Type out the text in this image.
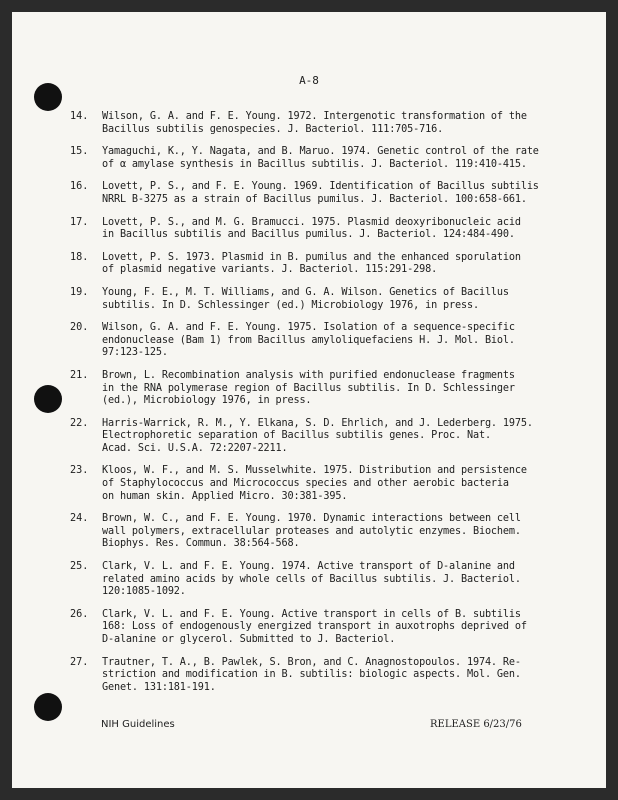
A-8
14.	Wilson, G. A. and F. E. Young. 1972. Intergenotic transformation of the
Bacillus subtilis genospecies. J. Bacteriol. 111:705-716.
15.	Yamaguchi, K., Y. Nagata, and B. Maruo. 1974. Genetic control of the rate
of α amylase synthesis in Bacillus subtilis. J. Bacteriol. 119:410-415.
16.	Lovett, P. S., and F. E. Young. 1969. Identification of Bacillus subtilis
NRRL B-3275 as a strain of Bacillus pumilus. J. Bacteriol. 100:658-661.
17.	Lovett, P. S., and M. G. Bramucci. 1975. Plasmid deoxyribonucleic acid
in Bacillus subtilis and Bacillus pumilus. J. Bacteriol. 124:484-490.
18.	Lovett, P. S. 1973. Plasmid in B. pumilus and the enhanced sporulation
of plasmid negative variants. J. Bacteriol. 115:291-298.
19.	Young, F. E., M. T. Williams, and G. A. Wilson. Genetics of Bacillus
subtilis. In D. Schlessinger (ed.) Microbiology 1976, in press.
20.	Wilson, G. A. and F. E. Young. 1975. Isolation of a sequence-specific
endonuclease (Bam 1) from Bacillus amyloliquefaciens H. J. Mol. Biol.
97:123-125.
21.	Brown, L. Recombination analysis with purified endonuclease fragments
in the RNA polymerase region of Bacillus subtilis. In D. Schlessinger
(ed.), Microbiology 1976, in press.
22.	Harris-Warrick, R. M., Y. Elkana, S. D. Ehrlich, and J. Lederberg. 1975.
Electrophoretic separation of Bacillus subtilis genes. Proc. Nat.
Acad. Sci. U.S.A. 72:2207-2211.
23.	Kloos, W. F., and M. S. Musselwhite. 1975. Distribution and persistence
of Staphylococcus and Micrococcus species and other aerobic bacteria
on human skin. Applied Micro. 30:381-395.
24.	Brown, W. C., and F. E. Young. 1970. Dynamic interactions between cell
wall polymers, extracellular proteases and autolytic enzymes. Biochem.
Biophys. Res. Commun. 38:564-568.
25.	Clark, V. L. and F. E. Young. 1974. Active transport of D-alanine and
related amino acids by whole cells of Bacillus subtilis. J. Bacteriol.
120:1085-1092.
26.	Clark, V. L. and F. E. Young. Active transport in cells of B. subtilis
168: Loss of endogenously energized transport in auxotrophs deprived of
D-alanine or glycerol. Submitted to J. Bacteriol.
27.	Trautner, T. A., B. Pawlek, S. Bron, and C. Anagnostopoulos. 1974. Re-
striction and modification in B. subtilis: biologic aspects. Mol. Gen.
Genet. 131:181-191.
NIH Guidelines	RELEASE 6/23/76
